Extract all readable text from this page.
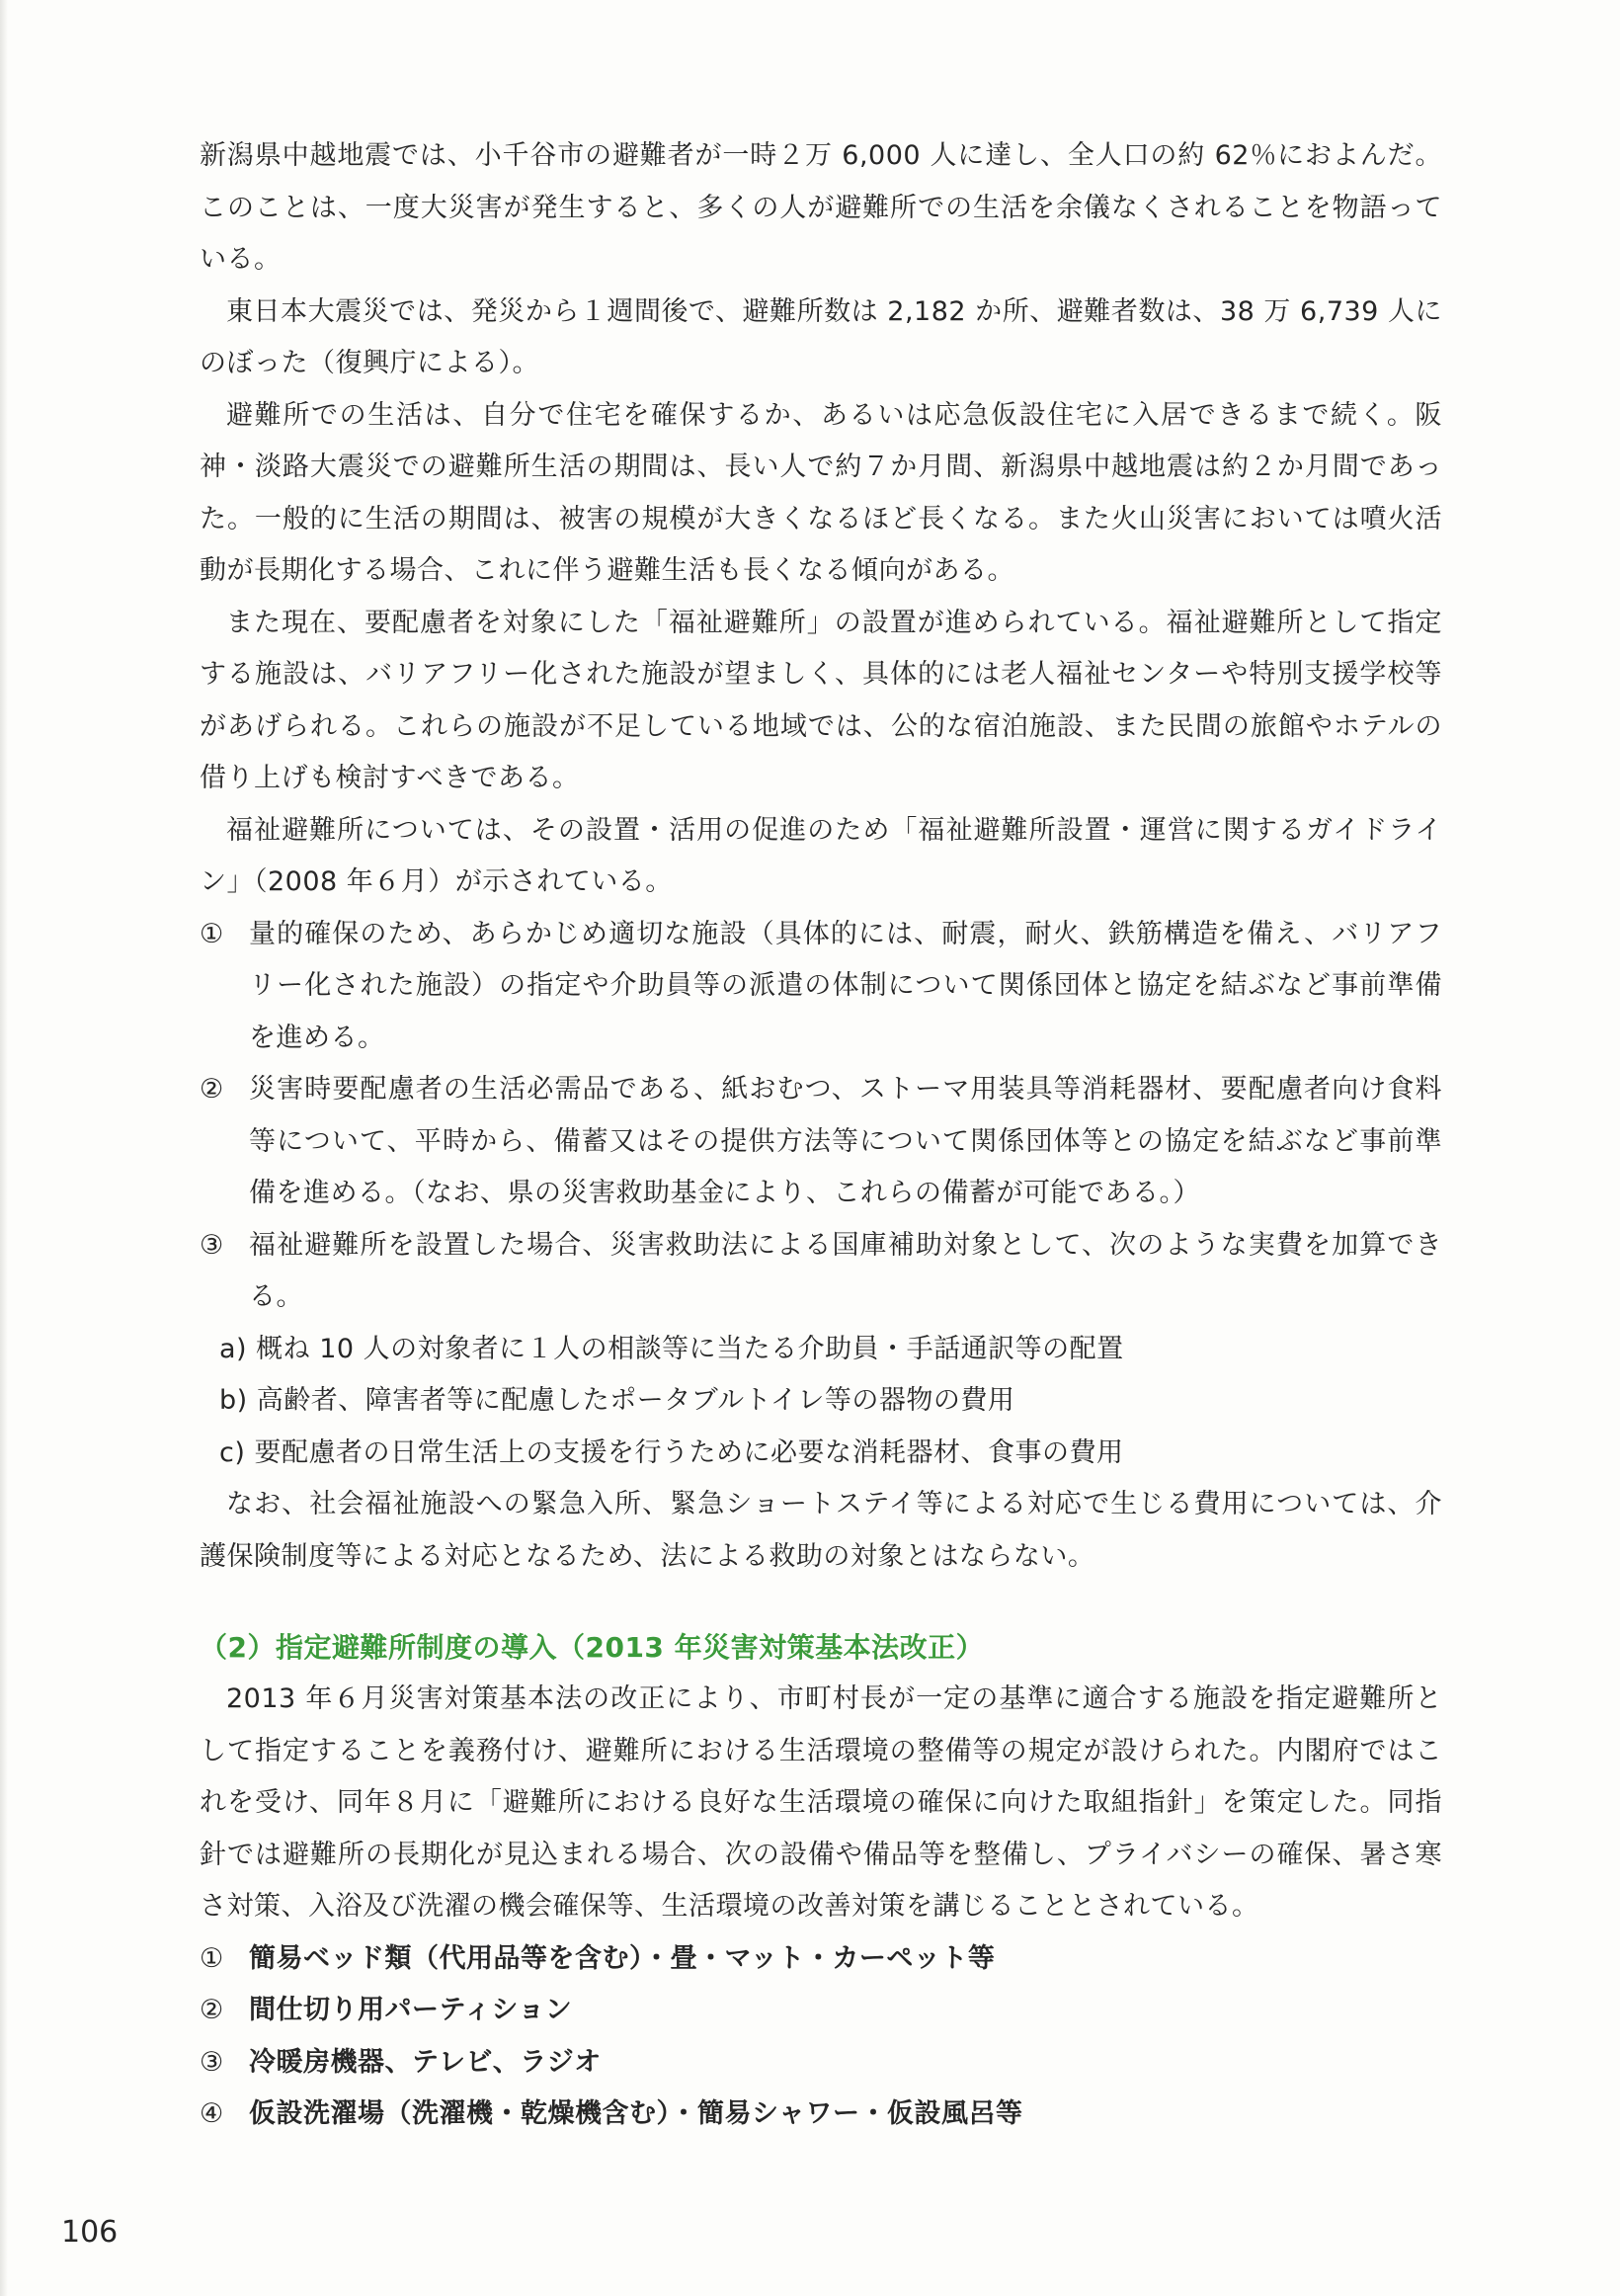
新潟県中越地震では、小千谷市の避難者が一時２万 6,000 人に達し、全人口の約 62％におよんだ。このことは、一度大災害が発生すると、多くの人が避難所での生活を余儀なくされることを物語っている。

東日本大震災では、発災から１週間後で、避難所数は 2,182 か所、避難者数は、38 万 6,739 人にのぼった（復興庁による）。

避難所での生活は、自分で住宅を確保するか、あるいは応急仮設住宅に入居できるまで続く。阪神・淡路大震災での避難所生活の期間は、長い人で約７か月間、新潟県中越地震は約２か月間であった。一般的に生活の期間は、被害の規模が大きくなるほど長くなる。また火山災害においては噴火活動が長期化する場合、これに伴う避難生活も長くなる傾向がある。

また現在、要配慮者を対象にした「福祉避難所」の設置が進められている。福祉避難所として指定する施設は、バリアフリー化された施設が望ましく、具体的には老人福祉センターや特別支援学校等があげられる。これらの施設が不足している地域では、公的な宿泊施設、また民間の旅館やホテルの借り上げも検討すべきである。

福祉避難所については、その設置・活用の促進のため「福祉避難所設置・運営に関するガイドライン」（2008 年６月）が示されている。

① 量的確保のため、あらかじめ適切な施設（具体的には、耐震，耐火、鉄筋構造を備え、バリアフリー化された施設）の指定や介助員等の派遣の体制について関係団体と協定を結ぶなど事前準備を進める。
② 災害時要配慮者の生活必需品である、紙おむつ、ストーマ用装具等消耗器材、要配慮者向け食料等について、平時から、備蓄又はその提供方法等について関係団体等との協定を結ぶなど事前準備を進める。（なお、県の災害救助基金により、これらの備蓄が可能である。）
③ 福祉避難所を設置した場合、災害救助法による国庫補助対象として、次のような実費を加算できる。

a) 概ね 10 人の対象者に１人の相談等に当たる介助員・手話通訳等の配置

b) 高齢者、障害者等に配慮したポータブルトイレ等の器物の費用

c) 要配慮者の日常生活上の支援を行うために必要な消耗器材、食事の費用

なお、社会福祉施設への緊急入所、緊急ショートステイ等による対応で生じる費用については、介護保険制度等による対応となるため、法による救助の対象とはならない。

（2）指定避難所制度の導入（2013 年災害対策基本法改正）

2013 年６月災害対策基本法の改正により、市町村長が一定の基準に適合する施設を指定避難所として指定することを義務付け、避難所における生活環境の整備等の規定が設けられた。内閣府ではこれを受け、同年８月に「避難所における良好な生活環境の確保に向けた取組指針」を策定した。同指針では避難所の長期化が見込まれる場合、次の設備や備品等を整備し、プライバシーの確保、暑さ寒さ対策、入浴及び洗濯の機会確保等、生活環境の改善対策を講じることとされている。

① 簡易ベッド類（代用品等を含む）・畳・マット・カーペット等
② 間仕切り用パーティション
③ 冷暖房機器、テレビ、ラジオ
④ 仮設洗濯場（洗濯機・乾燥機含む）・簡易シャワー・仮設風呂等
106
